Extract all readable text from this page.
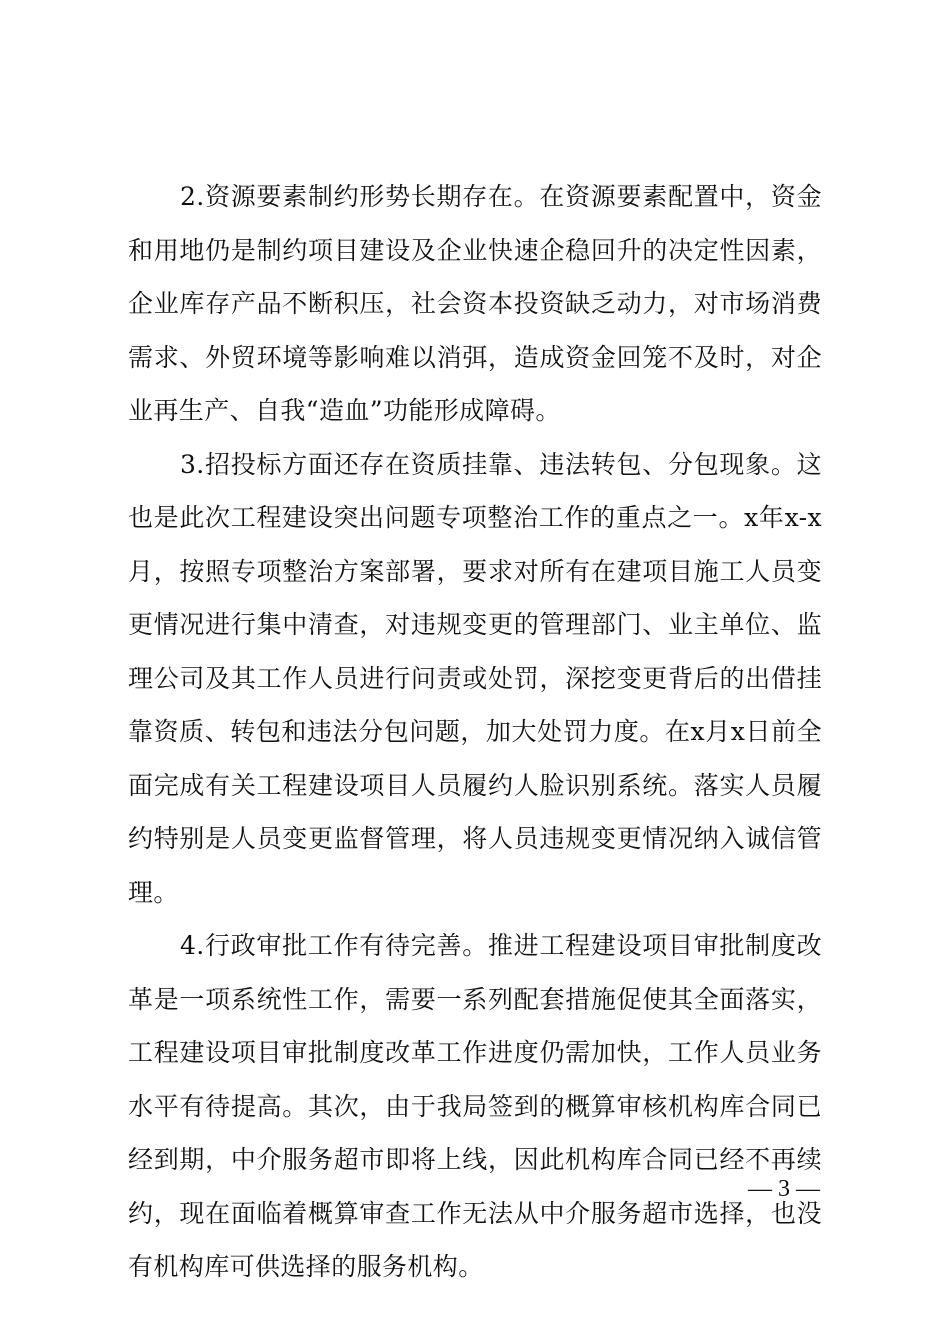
2.资源要素制约形势长期存在。在资源要素配置中，资金和用地仍是制约项目建设及企业快速企稳回升的决定性因素，企业库存产品不断积压，社会资本投资缺乏动力，对市场消费需求、外贸环境等影响难以消弭，造成资金回笼不及时，对企业再生产、自我“造血”功能形成障碍。

3.招投标方面还存在资质挂靠、违法转包、分包现象。这也是此次工程建设突出问题专项整治工作的重点之一。x年x-x月，按照专项整治方案部署，要求对所有在建项目施工人员变更情况进行集中清查，对违规变更的管理部门、业主单位、监理公司及其工作人员进行问责或处罚，深挖变更背后的出借挂靠资质、转包和违法分包问题，加大处罚力度。在x月x日前全面完成有关工程建设项目人员履约人脸识别系统。落实人员履约特别是人员变更监督管理，将人员违规变更情况纳入诚信管理。

4.行政审批工作有待完善。推进工程建设项目审批制度改革是一项系统性工作，需要一系列配套措施促使其全面落实，工程建设项目审批制度改革工作进度仍需加快，工作人员业务水平有待提高。其次，由于我局签到的概算审核机构库合同已经到期，中介服务超市即将上线，因此机构库合同已经不再续约，现在面临着概算审查工作无法从中介服务超市选择，也没有机构库可供选择的服务机构。

— 3 —
